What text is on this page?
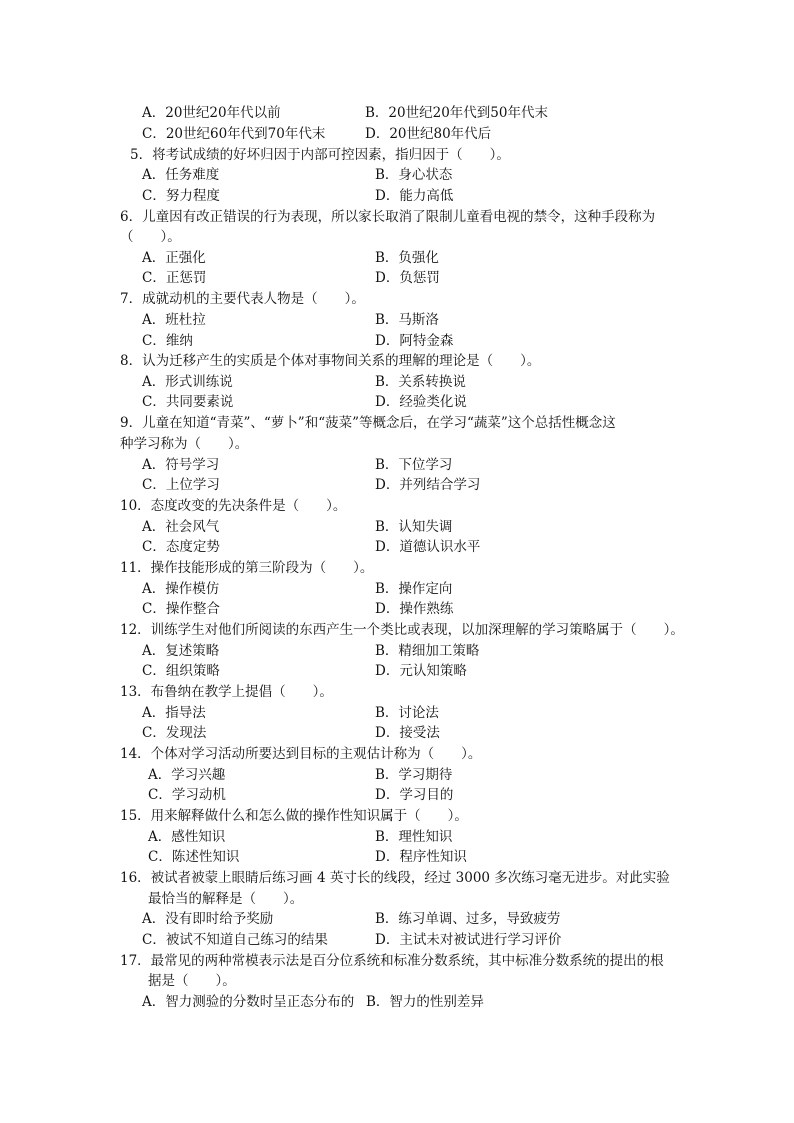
A．20世纪20年代以前	B．20世纪20年代到50年代末
C．20世纪60年代到70年代末	D．20世纪80年代后
5．将考试成绩的好坏归因于内部可控因素，指归因于（　　）。
A．任务难度	B．身心状态
C．努力程度	D．能力高低
6．儿童因有改正错误的行为表现，所以家长取消了限制儿童看电视的禁令，这种手段称为
（　　）。
A．正强化	B．负强化
C．正惩罚	D．负惩罚
7．成就动机的主要代表人物是（　　）。
A．班杜拉	B．马斯洛
C．维纳	D．阿特金森
8．认为迁移产生的实质是个体对事物间关系的理解的理论是（　　）。
A．形式训练说	B．关系转换说
C．共同要素说	D．经验类化说
9．儿童在知道“青菜”、“萝卜”和“菠菜”等概念后，在学习“蔬菜”这个总括性概念这
种学习称为（　　）。
A．符号学习	B．下位学习
C．上位学习	D．并列结合学习
10．态度改变的先决条件是（　　）。
A．社会风气	B．认知失调
C．态度定势	D．道德认识水平
11．操作技能形成的第三阶段为（　　）。
A．操作模仿	B．操作定向
C．操作整合	D．操作熟练
12．训练学生对他们所阅读的东西产生一个类比或表现，以加深理解的学习策略属于（　　）。
A．复述策略	B．精细加工策略
C．组织策略	D．元认知策略
13．布鲁纳在教学上提倡（　　）。
A．指导法	B．讨论法
C．发现法	D．接受法
14．个体对学习活动所要达到目标的主观估计称为（　　）。
A．学习兴趣	B．学习期待
C．学习动机	D．学习目的
15．用来解释做什么和怎么做的操作性知识属于（　　）。
A．感性知识	B．理性知识
C．陈述性知识	D．程序性知识
16．被试者被蒙上眼睛后练习画 4 英寸长的线段，经过 3000 多次练习毫无进步。对此实验
最恰当的解释是（　　）。
A．没有即时给予奖励	B．练习单调、过多，导致疲劳
C．被试不知道自己练习的结果	D．主试未对被试进行学习评价
17．最常见的两种常模表示法是百分位系统和标准分数系统，其中标准分数系统的提出的根
据是（　　）。
A．智力测验的分数时呈正态分布的 B．智力的性别差异
